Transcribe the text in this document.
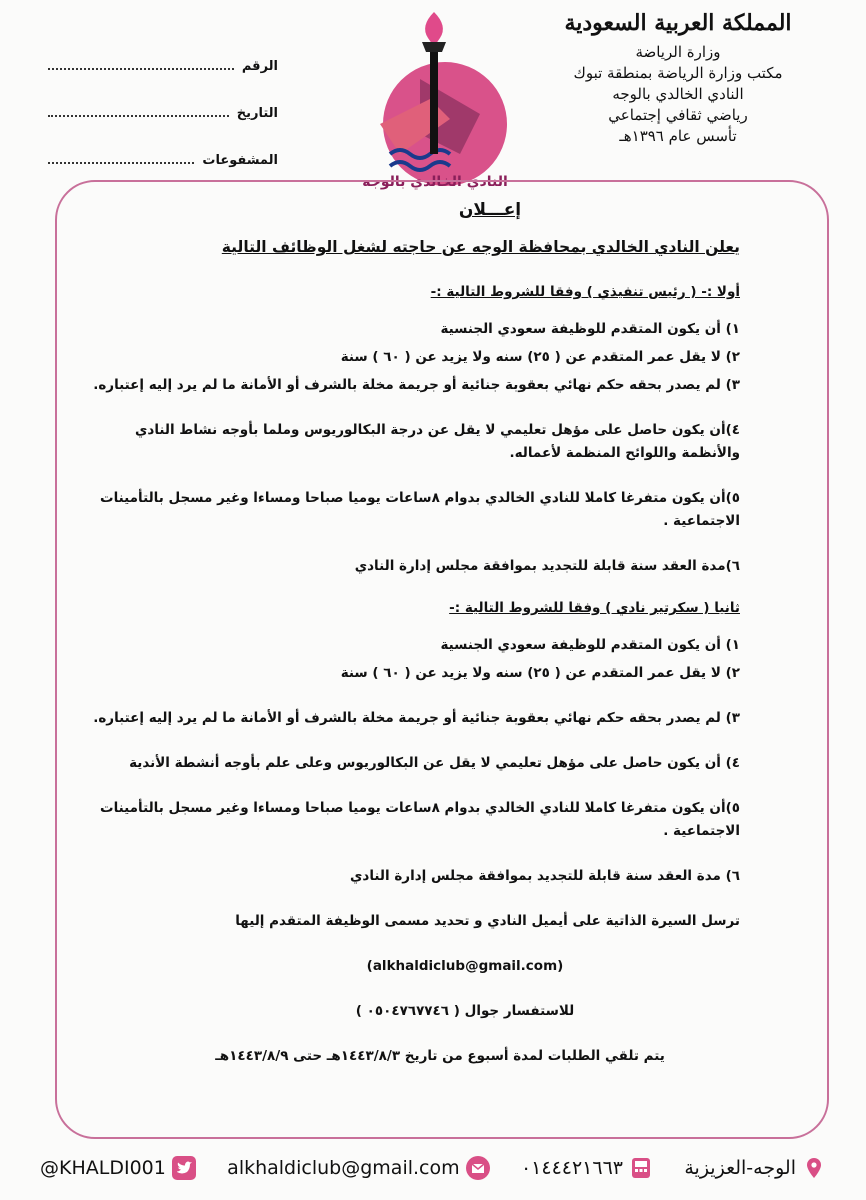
المملكة العربية السعودية
وزارة الرياضة
مكتب وزارة الرياضة بمنطقة تبوك
النادي الخالدي بالوجه
رياضي ثقافي إجتماعي
تأسس عام ١٣٩٦هـ
النادي الخالدي بالوجه
الرقم
التاريخ
المشفوعات
إعـــلان
يعلن النادي الخالدي بمحافظة الوجه عن حاجته لشغل الوظائف التالية
أولا :- ( رئيس تنفيذي ) وفقا للشروط التالية :-
١) أن يكون المتقدم للوظيفة سعودي الجنسية
٢) لا يقل عمر المتقدم عن ( ٢٥) سنه ولا يزيد عن ( ٦٠ ) سنة
٣) لم يصدر بحقه حكم نهائي بعقوبة جنائية أو جريمة مخلة بالشرف أو الأمانة ما لم يرد إليه إعتباره.
٤)أن يكون حاصل على مؤهل تعليمي لا يقل عن درجة البكالوريوس وملما بأوجه نشاط النادي والأنظمة واللوائح المنظمة لأعماله.
٥)أن يكون متفرغا كاملا للنادي الخالدي بدوام ٨ساعات يوميا صباحا ومساءا وغير مسجل بالتأمينات الاجتماعية .
٦)مدة العقد سنة قابلة للتجديد بموافقة مجلس إدارة النادي
ثانيا ( سكرتير نادي ) وفقا للشروط التالية :-
١) أن يكون المتقدم للوظيفة سعودي الجنسية
٢) لا يقل عمر المتقدم عن ( ٢٥) سنه ولا يزيد عن ( ٦٠ ) سنة
٣) لم يصدر بحقه حكم نهائي بعقوبة جنائية أو جريمة مخلة بالشرف أو الأمانة ما لم يرد إليه إعتباره.
٤) أن يكون حاصل على مؤهل تعليمي لا يقل عن البكالوريوس وعلى علم بأوجه أنشطة الأندية
٥)أن يكون متفرغا كاملا للنادي الخالدي بدوام ٨ساعات يوميا صباحا ومساءا وغير مسجل بالتأمينات الاجتماعية .
٦) مدة العقد سنة قابلة للتجديد بموافقة مجلس إدارة النادي
ترسل السيرة الذاتية على أيميل النادي و تحديد مسمى الوظيفة المتقدم إليها
(alkhaldiclub@gmail.com)
للاستفسار جوال ( ٠٥٠٤٧٦٧٧٤٦ )
يتم تلقي الطلبات لمدة أسبوع من تاريخ ١٤٤٣/٨/٣هـ حتى ١٤٤٣/٨/٩هـ
@KHALDI001	alkhaldiclub@gmail.com	٠١٤٤٤٢١٦٦٣	الوجه-العزيزية
